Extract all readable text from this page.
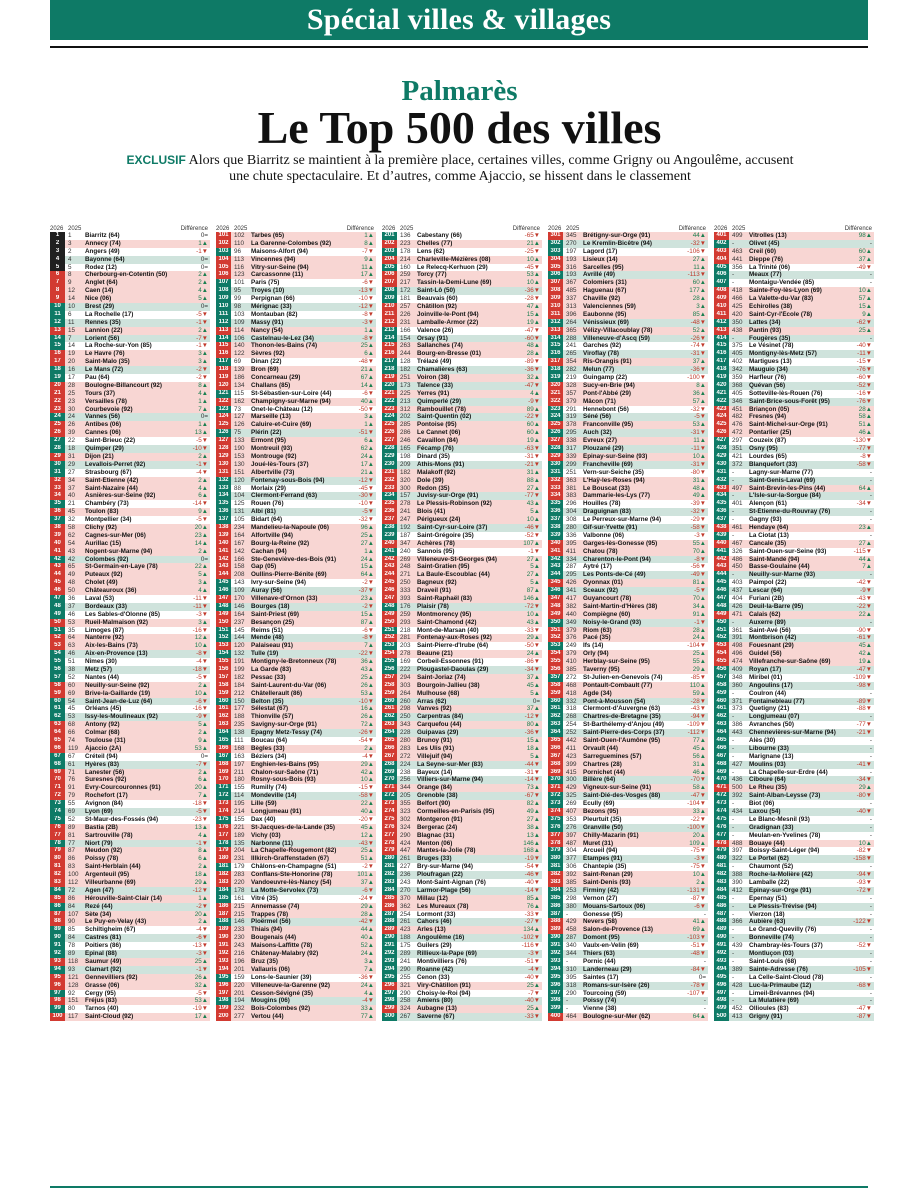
Spécial villes & villages
Palmarès
Le Top 500 des villes
EXCLUSIF Alors que Biarritz se maintient à la première place, certaines villes, comme Grigny ou Angoulême, accusent une chute spectaculaire. Et d’autres, comme Ajaccio, se hissent dans le classement
2026 2025	Différence
1	1	Biarritz (64)	0=
2	3	Annecy (74)	1▲
3	2	Angers (49)	-1▼
4	4	Bayonne (64)	0=
5	5	Rodez (12)	0=
6	8	Cherbourg-en-Cotentin (50)	2▲
7	9	Anglet (64)	2▲
8	12	Caen (14)	4▲
9	14	Nice (06)	5▲
10	10	Brest (29)	0=
11	6	La Rochelle (17)	-5▼
12	11	Rennes (35)	-1▼
13	15	Lannion (22)	2▲
14	7	Lorient (56)	-7▼
15	14	La Roche-sur-Yon (85)	-1▼
16	19	Le Havre (76)	3▲
17	20	Saint-Malo (35)	3▲
18	16	Le Mans (72)	-2▼
19	17	Pau (64)	-2▼
20	28	Boulogne-Billancourt (92)	8▲
21	25	Tours (37)	4▲
22	23	Versailles (78)	1▲
23	30	Courbevoie (92)	7▲
24	24	Vannes (56)	0=
25	26	Antibes (06)	1▲
26	39	Cannes (06)	13▲
27	22	Saint-Brieuc (22)	-5▼
28	18	Quimper (29)	-10▼
29	31	Dijon (21)	2▲
30	29	Levallois-Perret (92)	-1▼
31	27	Strasbourg (67)	-4▼
32	34	Saint-Étienne (42)	2▲
33	37	Saint-Nazaire (44)	4▲
34	40	Asnières-sur-Seine (92)	6▲
35	21	Chambéry (73)	-14▼
36	45	Toulon (83)	9▲
37	32	Montpellier (34)	-5▼
38	58	Clichy (92)	20▲
39	62	Cagnes-sur-Mer (06)	23▲
40	54	Aurillac (15)	14▲
41	43	Nogent-sur-Marne (94)	2▲
42	42	Colombes (92)	0=
43	65	St-Germain-en-Laye (78)	22▲
44	49	Puteaux (92)	5▲
45	48	Cholet (49)	3▲
46	50	Châteauroux (36)	4▲
47	36	Laval (53)	-11▼
48	37	Bordeaux (33)	-11▼
49	46	Les Sables-d'Olonne (85)	-3▼
50	53	Rueil-Malmaison (92)	3▲
51	35	Limoges (87)	-16▼
52	64	Nanterre (92)	12▲
53	63	Aix-les-Bains (73)	10▲
54	46	Aix-en-Provence (13)	-8▼
55	51	Nîmes (30)	-4▼
56	38	Metz (57)	-18▼
57	52	Nantes (44)	-5▼
58	60	Neuilly-sur-Seine (92)	2▲
59	69	Brive-la-Gaillarde (19)	10▲
60	54	Saint-Jean-de-Luz (64)	-6▼
61	45	Orléans (45)	-16▼
62	53	Issy-les-Moulineaux (92)	-9▼
63	68	Antony (92)	5▲
64	66	Colmar (68)	2▲
65	74	Toulouse (31)	9▲
66	119	Ajaccio (2A)	53▲
67	67	Créteil (94)	0=
68	61	Hyères (83)	-7▼
69	71	Lanester (56)	2▲
70	76	Suresnes (92)	6▲
71	91	Évry-Courcouronnes (91)	20▲
72	79	Rochefort (17)	7▲
73	55	Avignon (84)	-18▼
74	69	Lyon (69)	-5▼
75	52	St-Maur-des-Fossés (94)	-23▼
76	89	Bastia (2B)	13▲
77	81	Sartrouville (78)	4▲
78	77	Niort (79)	-1▼
79	87	Meudon (92)	8▲
80	86	Poissy (78)	6▲
81	83	Saint-Herblain (44)	2▲
82	100	Argenteuil (95)	18▲
83	112	Villeurbanne (69)	29▲
84	72	Agen (47)	-12▼
85	86	Hérouville-Saint-Clair (14)	1▲
86	84	Rezé (44)	-2▼
87	107	Sète (34)	20▲
88	90	Le Puy-en-Velay (43)	2▲
89	85	Schiltigheim (67)	-4▼
90	84	Castres (81)	-6▼
91	78	Poitiers (86)	-13▼
92	89	Épinal (88)	-3▼
93	118	Saumur (49)	25▲
94	93	Clamart (92)	-1▼
95	121	Gennevilliers (92)	26▲
96	128	Grasse (06)	32▲
97	92	Cergy (95)	-5▼
98	151	Fréjus (83)	53▲
99	80	Tarnos (40)	-19▼
100 117	Saint-Cloud (92)	17▲
2026 2025	Différence
101 102	Tarbes (65)	1▲
102 110	La Garenne-Colombes (92)	8▲
103 96	Maisons-Alfort (94)	-7▼
104 113	Vincennes (94)	9▲
105 116	Vitry-sur-Seine (94)	11▲
106 123	Carcassonne (11)	17▲
107 101	Paris (75)	-6▼
108 95	Troyes (10)	-13▼
109 99	Perpignan (66)	-10▼
110 98	Mérignac (33)	-12▼
111 103	Montauban (82)	-8▼
112 109	Massy (91)	-3▼
113 114	Nancy (54)	1▲
114 106	Castelnau-le-Lez (34)	-8▼
115 140	Thonon-les-Bains (74)	25▲
116 122	Sèvres (92)	6▲
117 69	Dinan (22)	-48▼
118 139	Bron (69)	21▲
119 186	Concarneau (29)	67▲
120 134	Challans (85)	14▲
121 115	St-Sébastien-sur-Loire (44)	-6▼
122 162	Champigny-sur-Marne (94)	40▲
123 73	Onet-le-Château (12)	-50▼
124 127	Marseille (13)	3▲
125 126	Caluire-et-Cuire (69)	1▲
126 75	Plérin (22)	-51▼
127 133	Ermont (95)	6▲
128 190	Montreuil (93)	62▲
129 153	Montrouge (92)	24▲
130 130	Joué-lès-Tours (37)	17▲
131 151	Albertville (73)	21▲
132 120	Fontenay-sous-Bois (94)	-12▼
133 88	Morlaix (29)	-45▼
134 104	Clermont-Ferrand (63)	-30▼
135 125	Rouen (76)	-10▼
136 131	Albi (81)	-5▼
137 105	Bidart (64)	-32▼
138 234	Mandelieu-la-Napoule (06)	96▲
139 164	Alfortville (94)	25▲
140 167	Bourg-la-Reine (92)	27▲
141 142	Cachan (94)	1▲
142 166	Ste-Geneviève-des-Bois (91)	24▲
143 158	Gap (05)	15▲
144 208	Oullins-Pierre-Bénite (69)	64▲
145 143	Ivry-sur-Seine (94)	-2▼
146 109	Auray (56)	-37▼
147 170	Villenave-d'Ornon (33)	23▲
148 146	Bourges (18)	-2▼
149 164	Saint-Priest (69)	15▲
150 237	Besançon (25)	87▲
151 145	Reims (51)	-6▼
152 144	Mende (48)	-8▼
153 120	Palaiseau (91)	7▲
154 132	Tulle (19)	-22▼
155 191	Montigny-le-Bretonneux (78)	36▲
156 199	La Garde (83)	43▲
157 182	Pessac (33)	25▲
158 184	Saint-Laurent-du-Var (06)	26▲
159 212	Châtellerault (86)	53▲
160 150	Belton (35)	-10▼
161 177	Sélestat (67)	16▲
162 188	Thionville (57)	26▲
163 235	Savigny-sur-Orge (91)	72▲
164 138	Épagny Metz-Tessy (74)	-26▼
165 111	Boucau (64)	-54▼
166 168	Bègles (33)	2▲
167 163	Béziers (34)	-4▼
168 197	Enghien-les-Bains (95)	29▲
169 211	Chalon-sur-Saône (71)	42▲
170 180	Rosny-sous-Bois (93)	10▲
171 155	Rumilly (74)	-15▼
172 114	Mondeville (14)	-58▼
173 195	Lille (59)	22▲
174 214	Longjumeau (91)	40▲
175 155	Dax (40)	-20▼
176 221	St-Jacques-de-la-Lande (35)	45▲
177 189	Vichy (03)	12▲
178 135	Narbonne (11)	-43▼
179 204	La Chapelle-Rougemont (82)	25▲
180 231	Illkirch-Graffenstaden (67)	51▲
181 179	Châlons-en-Champagne (51)	-2▼
182 283	Conflans-Ste-Honorine (78)	101▲
183 220	Vandoeuvre-lès-Nancy (54)	37▲
184 178	La Motte-Servolex (73)	-6▼
185 161	Vitré (35)	-24▼
186 215	Annemasse (74)	29▲
187 215	Trappes (78)	28▲
188 146	Ploërmel (56)	-42▼
189 233	Thiais (94)	44▲
190 230	Bougenais (44)	40▲
191 243	Maisons-Laffitte (78)	52▲
192 216	Châtenay-Malabry (92)	24▲
193 196	Bruz (35)	3▲
194 201	Vallauris (06)	7▲
195 159	Lons-le-Saunier (39)	-36▼
196 220	Villeneuve-la-Garenne (92)	24▲
197 201	Cesson-Sévigné (35)	4▲
198 194	Mougins (06)	-4▼
199 232	Bois-Colombes (92)	33▲
200 277	Vertou (44)	77▲
2026 2025	Différence
201 136	Cabestany (66)	-65▼
202 223	Chelles (77)	21▲
203 178	Lens (62)	-25▼
204 214	Charleville-Mézières (08)	10▲
205 160	Le Relecq-Kerhuon (29)	-45▼
206 259	Torcy (77)	53▲
207 217	Tassin-la-Demi-Lune (69)	10▲
208 172	Saint-Lô (50)	-36▼
209 181	Beauvais (60)	-28▼
210 257	Châtillon (92)	47▲
211 226	Joinville-le-Pont (94)	15▲
212 231	Lamballe-Armor (22)	19▲
213 166	Valence (26)	-47▼
214 154	Orsay (91)	-60▼
215 263	Sallanches (74)	48▲
216 244	Bourg-en-Bresse (01)	28▲
217 128	Trélazé (49)	-89▼
218 182	Chamalières (63)	-36▼
219 251	Voiron (38)	32▲
220 173	Talence (33)	-47▼
221 225	Yerres (91)	4▲
222 213	Quimperlé (29)	-9▼
223 312	Rambouillet (78)	89▲
224 202	Saint-Quentin (02)	-22▼
225 285	Pontoise (95)	60▲
226 286	Le Cannet (06)	60▲
227 246	Cavaillon (84)	19▲
228 165	Fécamp (76)	-63▼
229 198	Dinard (35)	-31▼
230 209	Athis-Mons (91)	-21▼
231 182	Malakoff (92)	31▲
232 320	Dole (39)	88▲
233 300	Redon (35)	27▲
234 157	Juvisy-sur-Orge (91)	-77▼
235 278	Le Plessis-Robinson (92)	43▲
236 241	Blois (41)	5▲
237 247	Périgueux (24)	10▲
238 192	Saint-Cyr-sur-Loire (37)	-46▼
239 187	Saint-Grégoire (35)	-52▼
240 347	Achères (78)	107▲
241 240	Sannois (95)	-1▼
242 269	Villeneuve-St-Georges (94)	27▲
243 248	Saint-Gratien (95)	5▲
244 271	La Baule-Escoublac (44)	27▲
245 250	Bagneux (92)	5▲
246 333	Draveil (91)	87▲
247 393	Saint-Raphaël (83)	146▲
248 176	Plaisir (78)	-72▼
249 259	Montmorency (95)	10▲
250 293	Saint-Chamond (42)	43▲
251 218	Mont-de-Marsan (40)	-33▼
252 281	Fontenay-aux-Roses (92)	29▲
253 203	Saint-Pierre-d'Irube (64)	-50▼
254 278	Beaune (21)	24▲
255 169	Corbeil-Essonnes (91)	-86▼
256 222	Plougastel-Daoulas (29)	-34▼
257 294	Saint-Joriaz (74)	37▲
258 303	Bourgoin-Jallieu (38)	45▲
259 264	Mulhouse (68)	5▲
260 260	Arras (62)	0=
261 298	Vanves (92)	37▲
262 250	Carpentras (84)	-12▼
263 343	Carquefou (44)	80▲
264 228	Guipavas (29)	-36▼
265 280	Brunoy (91)	15▲
266 283	Les Ulis (91)	18▲
267 272	Villejuif (94)	5▲
268 224	La Seyne-sur-Mer (83)	-44▼
269 238	Bayeux (14)	-31▼
270 256	Villiers-sur-Marne (94)	-14▼
271 344	Orange (84)	73▲
272 205	Grenoble (38)	-67▼
273 355	Belfort (90)	82▲
274 323	Cormeilles-en-Parisis (95)	49▲
275 302	Montgeron (91)	27▲
276 324	Bergerac (24)	38▲
277 290	Blagnac (31)	13▲
278 424	Menton (06)	146▲
279 447	Mantes-la-Jolie (78)	168▲
280 261	Bruges (33)	-19▼
281 227	Bry-sur-Marne (94)	-54▼
282 236	Ploufragan (22)	-46▼
283 243	Mont-Saint-Aignan (76)	-40▼
284 270	Larmor-Plage (56)	-14▼
285 370	Millau (12)	85▲
286 362	Les Mureaux (78)	76▲
287 254	Lormont (33)	-33▼
288 261	Cahors (46)	-27▼
289 423	Arles (13)	134▲
290 188	Angoulême (16)	-102▼
291 175	Guilers (29)	-116▼
292 289	Rillieux-la-Pape (69)	-3▼
293 241	Montivilliers (76)	-51▼
294 290	Roanne (42)	-4▼
295 255	Cenon (33)	-40▼
296 321	Viry-Châtillon (91)	25▲
297 290	Choisy-le-Roi (94)	-7▼
298 258	Amiens (80)	-40▼
299 324	Aubagne (13)	25▲
300 267	Saverne (67)	-33▼
2026 2025	Différence
301 345	Brétigny-sur-Orge (91)	44▲
302 270	Le Kremlin-Bicêtre (94)	-32▼
303 197	Lagord (17)	-106▼
304 193	Lisieux (14)	27▲
305 316	Sarcelles (95)	11▲
306 193	Avrillé (49)	-113▼
307 367	Colomiers (31)	60▲
308 485	Haguenau (67)	177▲
309 337	Chaville (92)	28▲
310 313	Valenciennes (59)	3▲
311 396	Eaubonne (95)	85▲
312 264	Vénissieux (69)	-48▼
313 365	Vélizy-Villacoublay (78)	52▲
314 288	Villeneuve-d'Ascq (59)	-26▼
315 241	Garches (92)	-74▼
316 265	Viroflay (78)	-31▼
317 354	Ris-Orangis (91)	37▲
318 282	Melun (77)	-36▼
319 219	Guingamp (22)	-100▼
320 328	Sucy-en-Brie (94)	8▲
321 357	Pont-l'Abbé (29)	36▲
322 379	Mâcon (71)	57▲
323 291	Hennebont (56)	-32▼
324 319	Séné (56)	-5▼
325 378	Franconville (95)	53▲
326 295	Auch (32)	-31▼
327 338	Évreux (27)	11▲
328 317	Plouzané (29)	-11▼
329 339	Épinay-sur-Seine (93)	10▲
330 299	Francheville (69)	-31▼
331 251	Vern-sur-Seiche (35)	-80▼
332 363	L'Haÿ-les-Roses (94)	31▲
333 381	Le Bouscat (33)	48▲
334 383	Dammarie-les-Lys (77)	49▲
335 296	Houilles (78)	-39▼
336 304	Draguignan (83)	-32▼
337 308	Le Perreux-sur-Marne (94)	-29▼
338 280	Gif-sur-Yvette (91)	-58▼
339 336	Valbonne (06)	-3▼
340 395	Garges-lès-Gonesse (95)	55▲
341 411	Chatou (78)	70▲
342 334	Charenton-le-Pont (94)	-8▼
343 287	Aytré (17)	-56▼
344 295	Les Ponts-de-Cé (49)	-49▼
345 426	Oyonnax (01)	81▲
346 341	Sceaux (92)	-5▼
347 417	Guyancourt (78)	70▲
348 382	Saint-Martin-d'Hères (38)	34▲
349 440	Compiègne (60)	91▲
350 349	Noisy-le-Grand (93)	-1▼
351 379	Riom (63)	28▲
352 376	Pacé (35)	24▲
353 249	Ifs (14)	-104▼
354 379	Orly (94)	25▲
355 410	Herblay-sur-Seine (95)	55▲
356 385	Taverny (95)	29▲
357 272	St-Julien-en-Genevois (74)	-85▼
358 468	Pontault-Combault (77)	110▲
359 418	Agde (34)	59▲
360 332	Pont-à-Mousson (54)	-28▼
361 318	Clermont-d'Auvergne (63)	-43▼
362 268	Chartres-de-Bretagne (35)	-94▼
363 254	St-Barthélemy-d'Anjou (49)	-109▼
364 252	Saint-Pierre-des-Corps (37)	-112▼
365 442	Saint-Ouen-l'Aumône (95)	77▲
366 411	Orvault (44)	45▲
367 423	Sarreguemines (57)	56▲
368 399	Chartres (28)	31▲
369 415	Pornichet (44)	46▲
370 300	Billère (64)	-70▼
371 429	Vigneux-sur-Seine (91)	58▲
372 325	Saint-Dié-des-Vosges (88)	-47▼
373 269	Écully (69)	-104▼
374 407	Bezons (95)	33▲
375 353	Pleurtuit (35)	-22▼
376 276	Granville (50)	-100▼
377 397	Chilly-Mazarin (91)	20▲
378 487	Muret (31)	109▲
379 304	Arcueil (94)	-75▼
380 377	Étampes (91)	-3▼
381 306	Chantepie (35)	-75▼
382 392	Saint-Renan (29)	10▲
383 385	Saint-Denis (93)	2▲
384 253	Firminy (42)	-131▼
385 298	Vernon (27)	-87▼
386 380	Mouans-Sartoux (06)	-6▼
387 -	Gonesse (95)	-
388 429	Nevers (58)	41▲
389 458	Salon-de-Provence (13)	69▲
390 287	Domont (95)	-103▼
391 340	Vaulx-en-Velin (69)	-51▼
392 344	Thiers (63)	-48▼
393 -	Pornic (44)	-
394 310	Landerneau (29)	-84▼
395 395	Saintes (17)	0=
396 318	Romans-sur-Isère (26)	-78▼
397 290	Tourcoing (59)	-107▼
398 -	Poissy (74)	-
399 -	Vienne (38)	-
400 464	Boulogne-sur-Mer (62)	64▲
2026 2025	Différence
401 499	Vitrolles (13)	98▲
402 -	Olivet (45)	-
403 463	Creil (60)	60▲
404 441	Dieppe (76)	37▲
405 356	La Trinité (06)	-49▼
406 -	Meaux (77)	-
407 -	Montaigu-Vendée (85)	-
408 418	Sainte-Foy-lès-Lyon (69)	10▲
409 466	La Valette-du-Var (83)	57▲
410 425	Échirolles (38)	15▲
411 420	Saint-Cyr-l'École (78)	9▲
412 350	Lattes (34)	-62▼
413 438	Pantin (93)	25▲
414 -	Fougères (35)	-
415 375	Le Vésinet (78)	-40▼
416 405	Montigny-lès-Metz (57)	-11▼
417 402	Martigues (13)	-15▼
418 342	Mauguio (34)	-76▼
419 359	Harfleur (76)	-60▼
420 368	Quévan (56)	-52▼
421 405	Sotteville-lès-Rouen (76)	-16▼
422 346	Saint-Brice-sous-Forêt (95)	-76▼
423 451	Briançon (05)	28▲
424 482	Fresnes (94)	58▲
425 476	Saint-Michel-sur-Orge (91)	51▲
426 472	Pontarlier (25)	46▲
427 297	Couzeix (87)	-130▼
428 351	Osny (95)	-77▼
429 421	Lourdes (65)	-8▼
430 372	Blanquefort (33)	-58▼
431 -	Lagny-sur-Marne (77)	-
432 -	Saint-Genis-Laval (69)	-
433 497	Saint-Brevin-les-Pins (44)	64▲
434 -	L'Isle-sur-la-Sorgue (84)	-
435 401	Alençon (61)	-34▼
436 -	St-Étienne-du-Rouvray (76)	-
437 -	Gagny (93)	-
438 461	Hendaye (64)	23▲
439 -	La Ciotat (13)	-
440 467	Cancale (35)	27▲
441 326	Saint-Ouen-sur-Seine (93)	-115▼
442 486	Saint-Mandé (94)	44▲
443 450	Basse-Goulaine (44)	7▲
444 -	Neuilly-sur-Marne (93)	-
445 403	Paimpol (22)	-42▼
446 437	Lescar (64)	-9▼
447 404	Furiani (2B)	-43▼
448 426	Deuil-la-Barre (95)	-22▼
449 471	Calais (62)	22▲
450 -	Auxerre (89)	-
451 361	Saint-Avé (56)	-90▼
452 391	Montbrison (42)	-61▼
453 498	Fouesnant (29)	45▲
454 496	Guidel (56)	42▲
455 474	Villefranche-sur-Saône (69)	19▲
456 409	Royan (17)	-47▼
457 348	Miribel (01)	-109▼
458 360	Angoulins (17)	-98▼
459 -	Coulron (44)	-
460 371	Fontainebleau (77)	-89▼
461 373	Quetigny (21)	-88▼
462 -	Longjumeau (07)	-
463 386	Avranches (50)	-77▼
464 443	Chennevières-sur-Marne (94)	-21▼
465 -	Alès (30)	-
466 -	Libourne (33)	-
467 -	Marignane (13)	-
468 427	Moulins (03)	-41▼
469 -	La Chapelle-sur-Erdre (44)	-
470 436	Ciboure (64)	-34▼
471 500	Le Rheu (35)	29▲
472 392	Saint-Alban-Leysse (73)	-80▼
473 -	Biot (06)	-
474 434	Laxou (54)	-40▼
475 -	Le Blanc-Mesnil (93)	-
476 -	Gradignan (33)	-
477 -	Meulan-en-Yvelines (78)	-
478 488	Bouaye (44)	10▲
479 397	Boissy-Saint-Léger (94)	-82▼
480 322	Le Portel (62)	-158▼
481 -	Chaumont (52)	-
482 388	Roche-la-Molière (42)	-94▼
483 390	Lamballe (22)	-93▼
484 412	Épinay-sur-Orge (91)	-72▼
485 -	Épernay (51)	-
486 -	Le Plessis-Trévise (94)	-
487 -	Vierzon (18)	-
488 366	Aubière (63)	-122▼
489 -	Le Grand-Quevilly (76)	-
490 -	Bonneville (74)	-
491 439	Chambray-lès-Tours (37)	-52▼
492 -	Montluçon (03)	-
493 -	Saint-Louis (68)	-
494 389	Sainte-Adresse (76)	-105▼
495 -	La Celle-Saint-Cloud (78)	-
496 428	Luc-la-Primaube (12)	-68▼
497 -	Limeil-Brévannes (94)	-
498 -	La Mulatière (69)	-
499 452	Ollioules (83)	-47▼
500 413	Grigny (91)	-87▼
